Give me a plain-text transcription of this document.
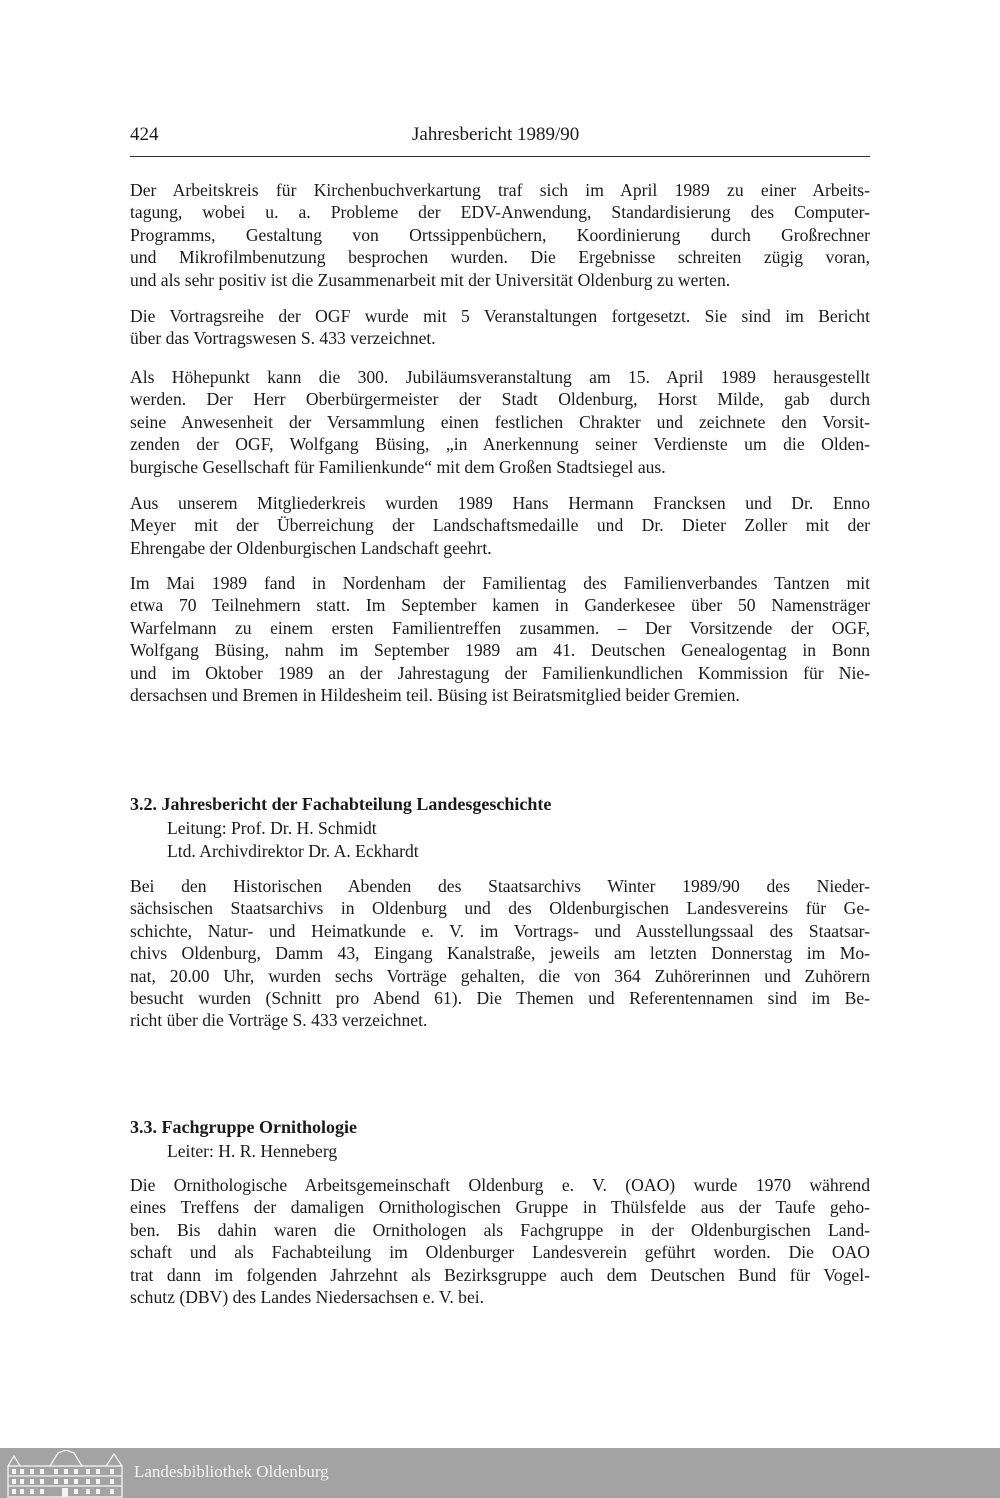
424	Jahresbericht 1989/90
Der Arbeitskreis für Kirchenbuchverkartung traf sich im April 1989 zu einer Arbeits-
tagung, wobei u. a. Probleme der EDV-Anwendung, Standardisierung des Computer-
Programms, Gestaltung von Ortssippenbüchern, Koordinierung durch Großrechner
und Mikrofilmbenutzung besprochen wurden. Die Ergebnisse schreiten zügig voran,
und als sehr positiv ist die Zusammenarbeit mit der Universität Oldenburg zu werten.
Die Vortragsreihe der OGF wurde mit 5 Veranstaltungen fortgesetzt. Sie sind im Bericht
über das Vortragswesen S. 433 verzeichnet.
Als Höhepunkt kann die 300. Jubiläumsveranstaltung am 15. April 1989 herausgestellt
werden. Der Herr Oberbürgermeister der Stadt Oldenburg, Horst Milde, gab durch
seine Anwesenheit der Versammlung einen festlichen Chrakter und zeichnete den Vorsit-
zenden der OGF, Wolfgang Büsing, „in Anerkennung seiner Verdienste um die Olden-
burgische Gesellschaft für Familienkunde“ mit dem Großen Stadtsiegel aus.
Aus unserem Mitgliederkreis wurden 1989 Hans Hermann Francksen und Dr. Enno
Meyer mit der Überreichung der Landschaftsmedaille und Dr. Dieter Zoller mit der
Ehrengabe der Oldenburgischen Landschaft geehrt.
Im Mai 1989 fand in Nordenham der Familientag des Familienverbandes Tantzen mit
etwa 70 Teilnehmern statt. Im September kamen in Ganderkesee über 50 Namensträger
Warfelmann zu einem ersten Familientreffen zusammen. – Der Vorsitzende der OGF,
Wolfgang Büsing, nahm im September 1989 am 41. Deutschen Genealogentag in Bonn
und im Oktober 1989 an der Jahrestagung der Familienkundlichen Kommission für Nie-
dersachsen und Bremen in Hildesheim teil. Büsing ist Beiratsmitglied beider Gremien.
3.2. Jahresbericht der Fachabteilung Landesgeschichte
Leitung: Prof. Dr. H. Schmidt
Ltd. Archivdirektor Dr. A. Eckhardt
Bei den Historischen Abenden des Staatsarchivs Winter 1989/90 des Nieder-
sächsischen Staatsarchivs in Oldenburg und des Oldenburgischen Landesvereins für Ge-
schichte, Natur- und Heimatkunde e. V. im Vortrags- und Ausstellungssaal des Staatsar-
chivs Oldenburg, Damm 43, Eingang Kanalstraße, jeweils am letzten Donnerstag im Mo-
nat, 20.00 Uhr, wurden sechs Vorträge gehalten, die von 364 Zuhörerinnen und Zuhörern
besucht wurden (Schnitt pro Abend 61). Die Themen und Referentennamen sind im Be-
richt über die Vorträge S. 433 verzeichnet.
3.3. Fachgruppe Ornithologie
Leiter: H. R. Henneberg
Die Ornithologische Arbeitsgemeinschaft Oldenburg e. V. (OAO) wurde 1970 während
eines Treffens der damaligen Ornithologischen Gruppe in Thülsfelde aus der Taufe geho-
ben. Bis dahin waren die Ornithologen als Fachgruppe in der Oldenburgischen Land-
schaft und als Fachabteilung im Oldenburger Landesverein geführt worden. Die OAO
trat dann im folgenden Jahrzehnt als Bezirksgruppe auch dem Deutschen Bund für Vogel-
schutz (DBV) des Landes Niedersachsen e. V. bei.
Landesbibliothek Oldenburg
